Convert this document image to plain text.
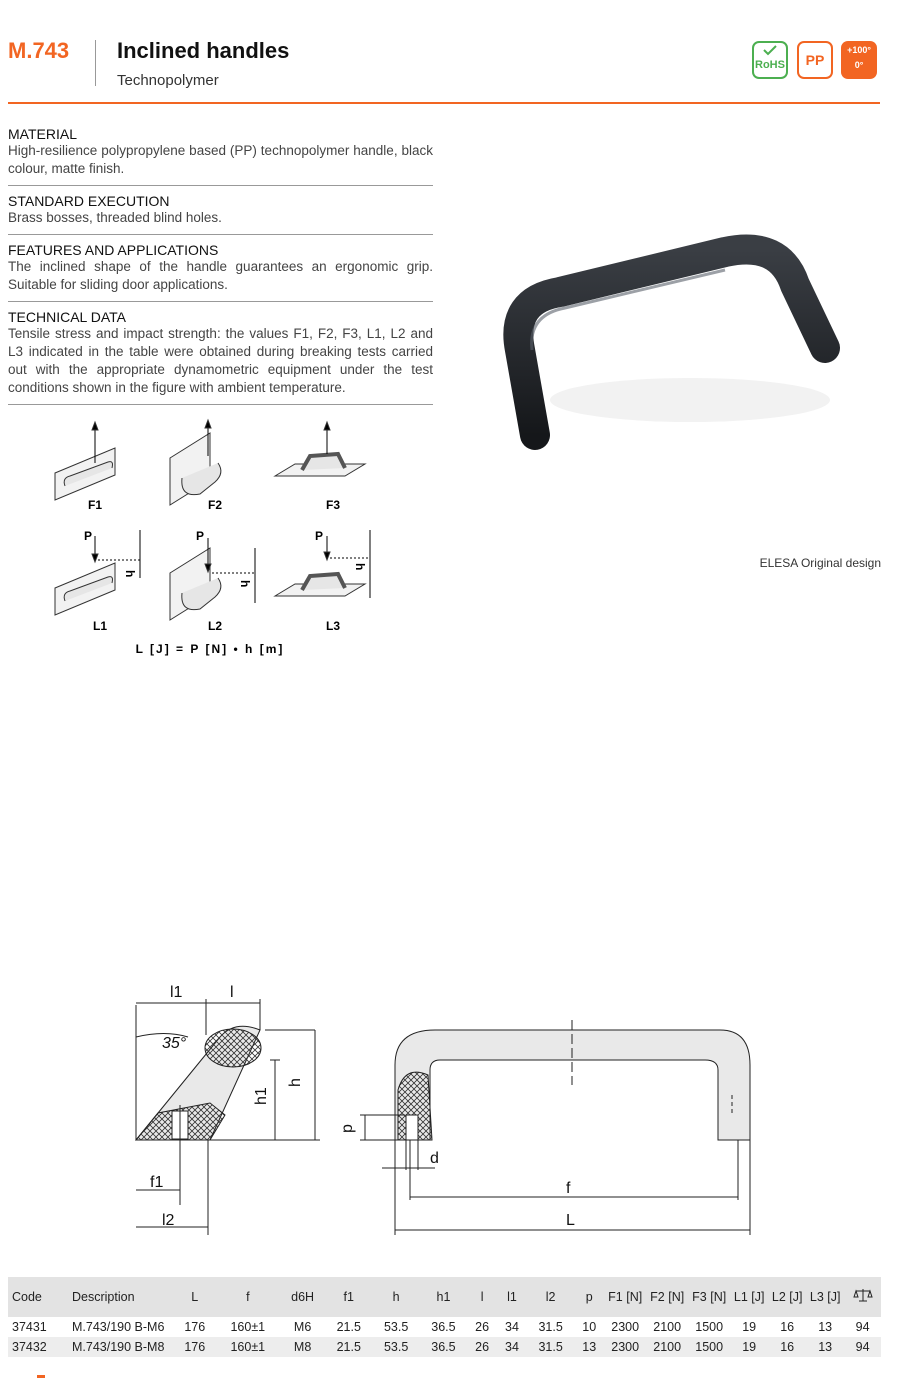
M.743 Inclined handles
Technopolymer
RoHS	PP
+100°
0°
MATERIAL

High-resilience polypropylene based (PP) technopolymer handle, black colour, matte finish.

STANDARD EXECUTION

Brass bosses, threaded blind holes.

FEATURES AND APPLICATIONS

The inclined shape of the handle guarantees an ergonomic grip. Suitable for sliding door applications.

TECHNICAL DATA

Tensile stress and impact strength: the values F1, F2, F3, L1, L2 and L3 indicated in the table were obtained during breaking tests carried out with the appropriate dynamometric equipment under the test conditions shown in the figure with ambient temperature.

ELESA Original design
F1	F2	F3
L1	L2	L3
P	P	P
h
h
h
L [J] = P [N] • h [m]
l1	l
35°
h
h1
f1
l2
p
d
f
L
Code	Description	L	f	d6H	f1	h	h1	l	l1	l2	p	F1 [N]	F2 [N]	F3 [N]	L1 [J]	L2 [J]	L3 [J]	
37431	M.743/190 B-M6	176	160±1	M6	21.5	53.5	36.5	26	34	31.5	10	2300	2100	1500	19	16	13	94
37432	M.743/190 B-M8	176	160±1	M8	21.5	53.5	36.5	26	34	31.5	13	2300	2100	1500	19	16	13	94
